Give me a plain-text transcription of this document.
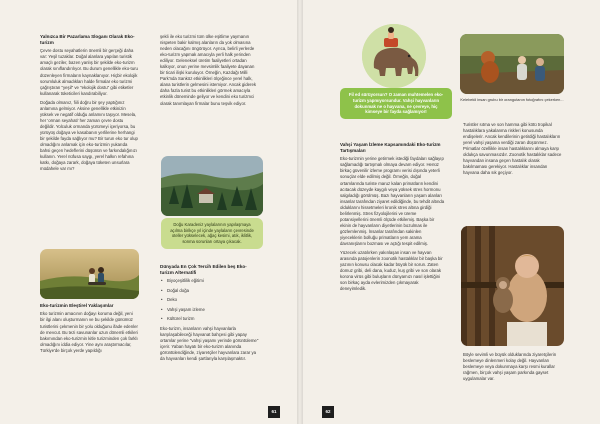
Yalnızca Bir Pazarlama Sloganı Olarak Eko-turizm

Çevre dostu seyahatlerin önemli bir gerçeği daha var: Yeşil tuzaklar. Doğal alanlara yapılan turistik amaçlı geziler, bazen yanlış bir şekilde eko-turizm olarak sınıflandırılıyor. Bu durum genellikle eko-turu düzenleyen firmaların kaynaklanıyor. Hiçbir ekolojik sorumluluk almadıkları halde firmalar eko turizmi çağrıştıran "yeşil" ve "ekolojik dostu" gibi etiketler kullanarak tüketicileri kandırabiliyor.

Doğada olmanız, fiili doğru bir şey yaptığınız anlamına gelmiyor. Aksine genellikle etkinizin yüksek ve negatif olduğu anlamını taşıyor. Mesela, her 'orman seyahati' her zaman çevre dostu değildir. Yolculuk ormanda yürümeyi içeriyorsa, bu yürüyüş doğaya ve kasabanın yerlilerine herhangi bir şekilde fayda sağlıyor mu? Bir turun eko tur olup olmadığını anlamak için eko-turizmin yukarıda bahsi geçen hedeflerini düşünün ve farkındalığınızı kullanın. Yerel nüfusa saygı, yerel halkın refahına katkı, doğaya zarark, doğaya tüketen unsurlara müdahele var mı?

Eko-turizmin Eleştirel Yaklaşımlar

Eko turizmin amacının doğayı koruma değil, yeni bir ilgi alanı oluşturmanın ve bu şekilde günümüz turistlerini çekmenin bir yolu olduğunu ifade edenler de mevcut. Bu tezi savunanlar uzun dönemli etkileri bakımından eko-turizmin kitle turizminden çok farklı olmadığını iddia ediyor. Yine aynı araştırmacılar, Türkiye'de birçok yerde yapıldığı

şekli ile eko turizmi tüm ülke eşitlime yaymanın nispeten bakir kalmış alanların da yok olmasına neden olacağını öngörüyor. Ayrıca, belirli yerlerde eko-turizm yapmak amacıyla yerli halk yerinden ediliyor. Geleneksel üretim faaliyetleri ortadan kalkıyor, onun yerine mevsimlik faaliyete dayanan bir ticari ilişki kuruluyor. Örneğin, Kazdağı Milli Park'nda Sanköz etkinlikleri ölçeğince yerel halk, alana turistlerin gelmesini istemiyor. Ancak giderek daha fazla turist bu etkinlikleri görmek amacıyla etkinlik döneminde geliyor ve kendini eko turizmci olarak tanımlayan firmalar bunu teşvik ediyor.

Doğu Karadeniz yaylalarının yapılaşmaya açılma birikçe yıl içinde yaylaların çevresinde oteller yükselecek, ağaç kesimi, atık, iklitlik, sonma sorunları ortaya çıkacak.
Dünyada En Çok Tercih Edilen beş Eko-turizm Alternatifi
• Biyoçeşitlilik eğitimi
• Doğal doğa
• Deko
• Vahşi yaşam izleme
• Kültürel turizm

Eko-turizm, insanların vahşi hayvanlarla karşılaşabileceği hayvanat bahçesi gibi yapay ortamlar yerine "vahşi yaşamı yerinde görüntüleme" içerir. Yaban hayatı bir eko-turizm alanında görüntülendiğinde, ziyaretçiler hayvanlara zarar ya da hayvanları kendi şartlarıyla karşılaşmaktır.

61
Fil ed sürüyorsun? O zaman muhtemelen eko-turizm yapmıyorsundur. Vahşi hayvanların dokunmak ne o hayvana, ne çevreye, hiç kimseye bir fayda sağlamıyor!
Vahşi Yaşam İzleme Kapsamındaki Eko-turizm Tartışmaları

Eko-turizmin yerine getirmek istediği faydaları sağlayıp sağlamadığı tartışmalı olmaya devam ediyor. Henüz birkaç güvenilir izleme programı verisi dışında yeterli sonuçlar elde edilmiş değil. Örneğin, doğal ortamlarında turiste maruz kalan primatların kendini acıtacak düzeyde kaygılı veya yüksek stres hormonu salgıladığı görülmüş. Bazı hayvanların yaşam alanları insanlar tarafından ziyaret edildiğinde, bu tehdit altında olduklarını hissetmeleri kronik stres altına girdiği belirlenmiş. Stres fizyolojilerini ve üreme potansiyellerini önemli ölçüde etkilemiş. Başka bir ekinin de hayvanların diyetlerinin bozulmas ile gözlemlenmiş. İnsanlar tarafından sakinlen yiyeceklerin bolluğu primatların yem arama davranışlarını bozması ve açtığı tespit edilmiş.

Yüzecek uzatılırken yakınlaşan insan ve hayvan arasında patojenlerin zoonotik hastalıklar bir başka bir yazının konusu olacak kadar büyük bir sorun. Zaten domuz gribi, deli dana, kuduz, kuş gribi ve son olarak korona virüs gibi buluşların dünyamızı nasıl işlettiğini son birkaç ayda evlerimizden çıkmayarak deneyimledik.

Kelebekli insan grubu bir orangutanın fotoğrafını çekerken...

Turistler sıtma ve son hamma gibi kötü tropikal hastalıklara yakalanma riskleri konusunda endişelerir. Ancak kendilerinin getirdiği hastalıkların yerel vahşi yaşama verdiği zaran düşünmez. Primatlar özellikle insan hastalıklarını almaya karşı oldukça savunmasızdır. Zoonotik hastalıklar sadece hayvandan insana geçen hastalık olarak bakılmaması gerekiyor. Hastalıklar insandan hayvana daha sık geçiyor.

Böyle sevimli ve büyük olduklarında ziyaretçilerin beslemeye dinlenmeri kolay değil. Hayvanları beslemeye veya dokunmaya karşı resmi kurallar rağmen, birçok vahşi yaşam parkında gayset uygulamalar var.

62
